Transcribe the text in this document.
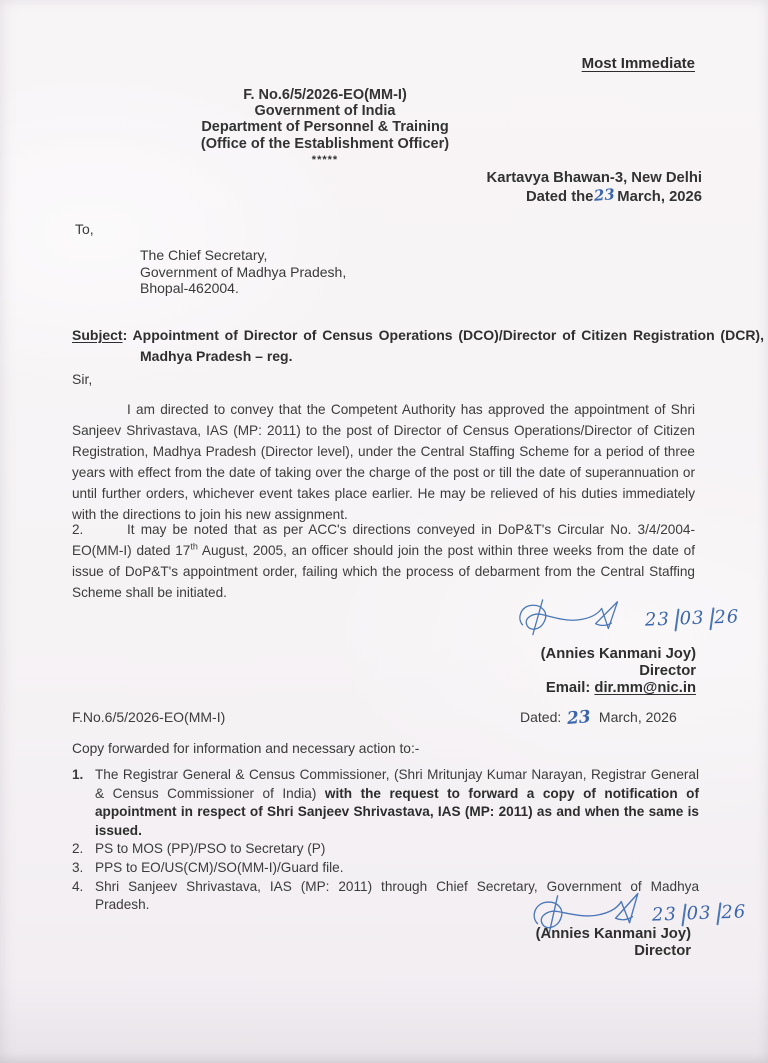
Most Immediate
F. No.6/5/2026-EO(MM-I)
Government of India
Department of Personnel & Training
(Office of the Establishment Officer)
*****
Kartavya Bhawan-3, New Delhi
Dated the23March, 2026
To,
The Chief Secretary,
Government of Madhya Pradesh,
Bhopal-462004.
Subject: Appointment of Director of Census Operations (DCO)/Director of Citizen Registration (DCR), Madhya Pradesh – reg.
Sir,
I am directed to convey that the Competent Authority has approved the appointment of Shri Sanjeev Shrivastava, IAS (MP: 2011) to the post of Director of Census Operations/Director of Citizen Registration, Madhya Pradesh (Director level), under the Central Staffing Scheme for a period of three years with effect from the date of taking over the charge of the post or till the date of superannuation or until further orders, whichever event takes place earlier. He may be relieved of his duties immediately with the directions to join his new assignment.
2.	It may be noted that as per ACC's directions conveyed in DoP&T's Circular No. 3/4/2004-EO(MM-I) dated 17th August, 2005, an officer should join the post within three weeks from the date of issue of DoP&T's appointment order, failing which the process of debarment from the Central Staffing Scheme shall be initiated.
23 03 26
(Annies Kanmani Joy)
Director
Email: dir.mm@nic.in
F.No.6/5/2026-EO(MM-I)	Dated: 23 March, 2026
Copy forwarded for information and necessary action to:-
1. The Registrar General & Census Commissioner, (Shri Mritunjay Kumar Narayan, Registrar General & Census Commissioner of India) with the request to forward a copy of notification of appointment in respect of Shri Sanjeev Shrivastava, IAS (MP: 2011) as and when the same is issued.
2. PS to MOS (PP)/PSO to Secretary (P)
3. PPS to EO/US(CM)/SO(MM-I)/Guard file.
4. Shri Sanjeev Shrivastava, IAS (MP: 2011) through Chief Secretary, Government of Madhya Pradesh.	23 03 26
(Annies Kanmani Joy)
Director
